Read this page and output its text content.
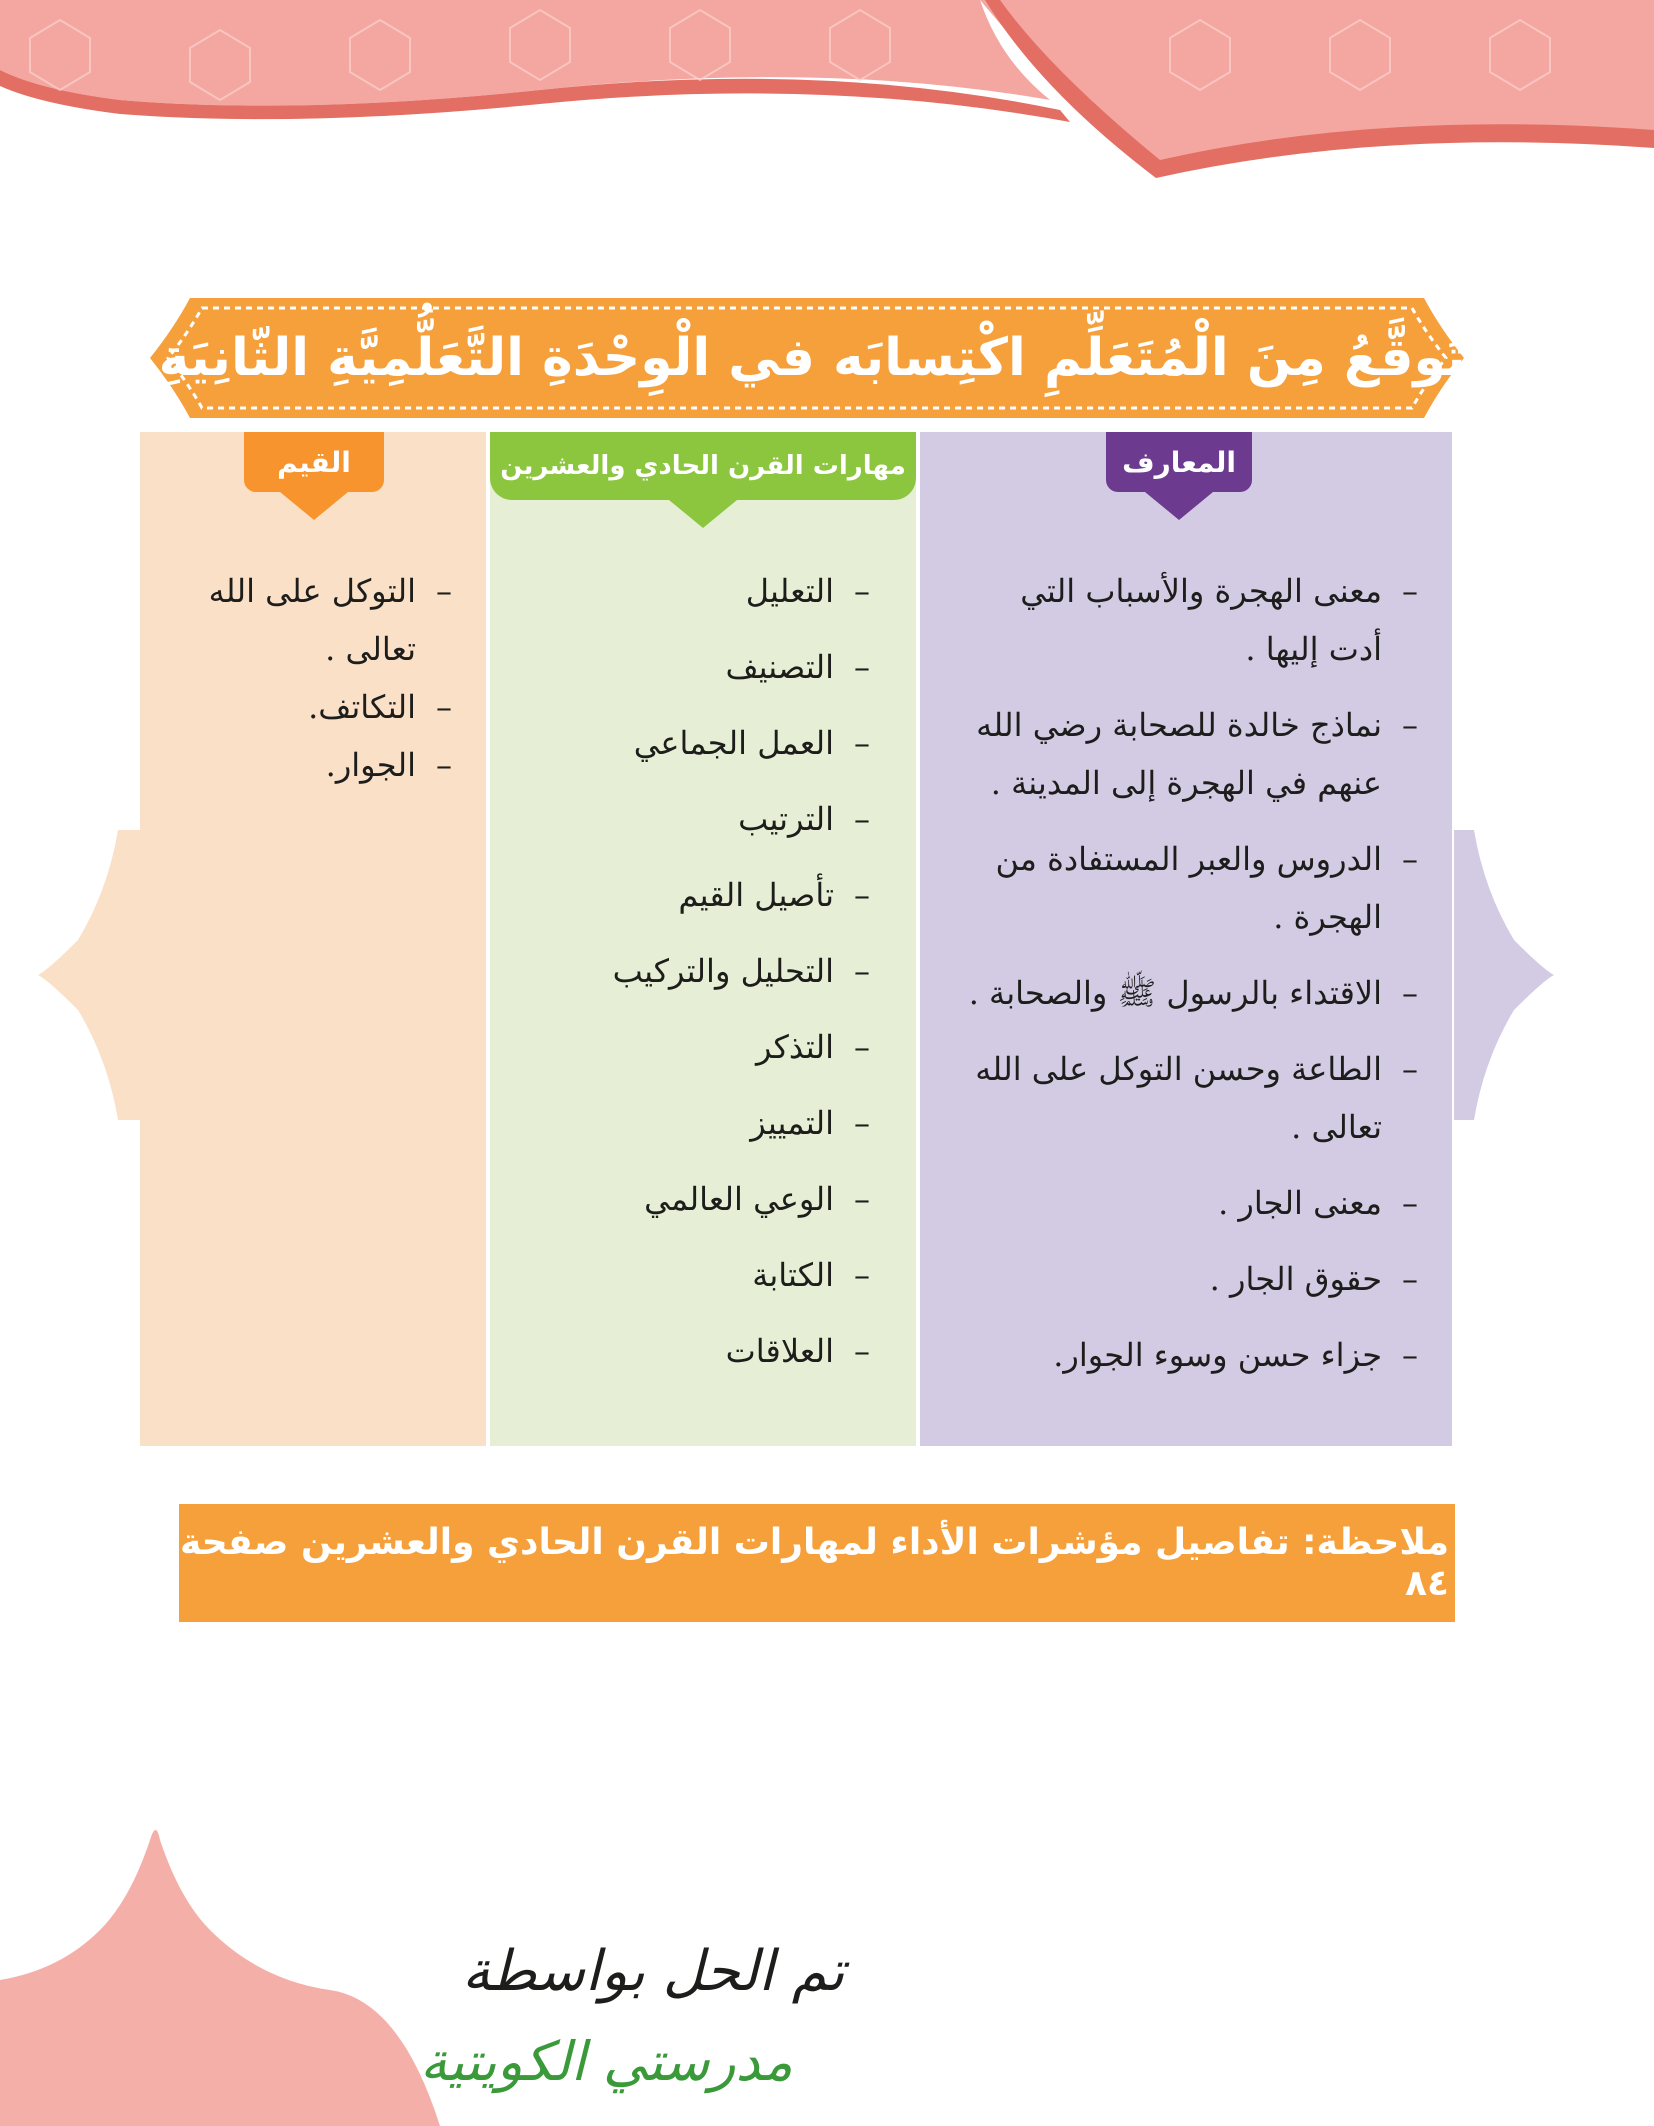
ما يُتَوقَّعُ مِنَ الْمُتَعَلِّمِ اكْتِسابَه في الْوِحْدَةِ التَّعَلُّمِيَّةِ الثّانِيَةِ ٢.١
المعارف
–
معنى الهجرة والأسباب التي أدت إليها .
–
نماذج خالدة للصحابة رضي الله عنهم في الهجرة إلى المدينة .
–
الدروس والعبر المستفادة من الهجرة .
–
الاقتداء بالرسول ﷺ والصحابة .
–
الطاعة وحسن التوكل على الله تعالى .
–
معنى الجار .
–
حقوق الجار .
–
جزاء حسن وسوء الجوار.
مهارات القرن الحادي والعشرين
–
التعليل
–
التصنيف
–
العمل الجماعي
–
الترتيب
–
تأصيل القيم
–
التحليل والتركيب
–
التذكر
–
التمييز
–
الوعي العالمي
–
الكتابة
–
العلاقات
القيم
–
التوكل على الله تعالى .
–
التكاتف.
–
الجوار.
ملاحظة: تفاصيل مؤشرات الأداء لمهارات القرن الحادي والعشرين صفحة ٨٤
تم الحل بواسطة
مدرستي الكويتية
